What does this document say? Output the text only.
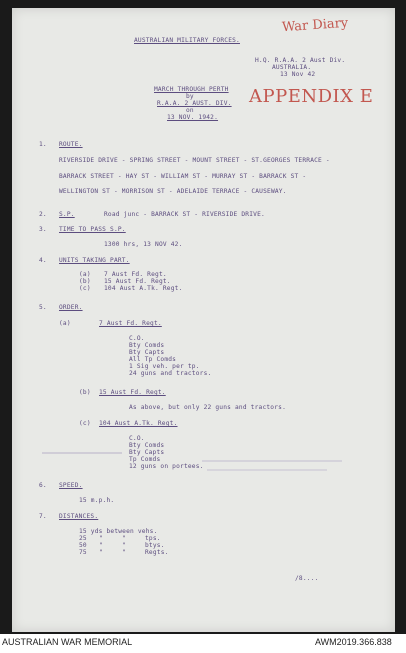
War Diary
APPENDIX E
AUSTRALIAN MILITARY FORCES.
H.Q. R.A.A. 2 Aust Div.
AUSTRALIA.
13 Nov 42
MARCH THROUGH PERTH
by
R.A.A. 2 AUST. DIV.
on
13 NOV. 1942.
1. ROUTE.
RIVERSIDE DRIVE - SPRING STREET - MOUNT STREET - ST.GEORGES TERRACE -
BARRACK STREET - HAY ST - WILLIAM ST - MURRAY ST - BARRACK ST -
WELLINGTON ST - MORRISON ST - ADELAIDE TERRACE - CAUSEWAY.
2. S.P.	Road junc - BARRACK ST - RIVERSIDE DRIVE.
3. TIME TO PASS S.P.
1300 hrs, 13 NOV 42.
4. UNITS TAKING PART.
(a) 7 Aust Fd. Regt.
(b) 15 Aust Fd. Regt.
(c) 104 Aust A.Tk. Regt.
5. ORDER.
(a)	7 Aust Fd. Regt.
C.O.
Bty Comds
Bty Capts
All Tp Comds
1 Sig veh. per tp.
24 guns and tractors.
(b) 15 Aust Fd. Regt.
As above, but only 22 guns and tractors.
(c) 104 Aust A.Tk. Regt.
C.O.
Bty Comds
Bty Capts
Tp Comds
12 guns on portees.
6. SPEED.
15 m.p.h.
7. DISTANCES.
15 yds between vehs.
25 "	"	tps.
50 "	"	btys.
75 "	"	Regts.
/8....
AUSTRALIAN WAR MEMORIAL	AWM2019.366.838
